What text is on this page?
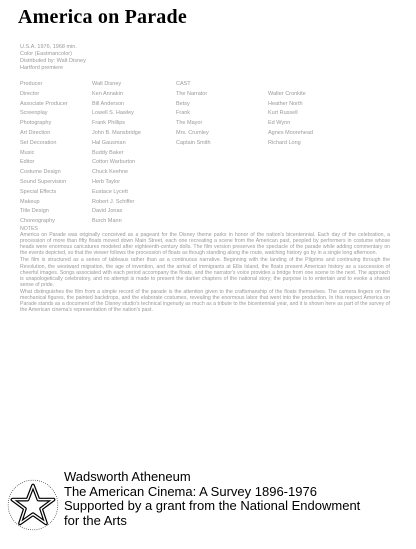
America on Parade
U.S.A. 1976, 1968 min.
Color (Eastmancolor)
Distributed by: Walt Disney
Hartford premiere
Producer	Walt Disney
Director	Ken Annakin
Associate Producer	Bill Anderson
Screenplay	Lowell S. Hawley
Photography	Frank Phillips
Art Direction	John B. Mansbridge
Set Decoration	Hal Gausman
Music	Buddy Baker
Editor	Cotton Warburton
Costume Design	Chuck Keehne
Sound Supervision	Herb Taylor
Special Effects	Eustace Lycett
Makeup	Robert J. Schiffer
Title Design	David Jonas
Choreography	Burch Mann
CAST
The Narrator	Walter Cronkite
Betsy	Heather North
Frank	Kurt Russell
The Mayor	Ed Wynn
Mrs. Crumley	Agnes Moorehead
Captain Smith	Richard Long
NOTES

America on Parade was originally conceived as a pageant for the Disney theme parks in honor of the nation's bicentennial. Each day of the celebration, a procession of more than fifty floats moved down Main Street, each one recreating a scene from the American past, peopled by performers in costume whose heads were enormous caricatures modeled after eighteenth-century dolls. The film version preserves the spectacle of the parade while adding commentary on the events depicted, so that the viewer follows the procession of floats as though standing along the route, watching history go by in a single long afternoon.

The film is structured as a series of tableaux rather than as a continuous narrative. Beginning with the landing of the Pilgrims and continuing through the Revolution, the westward migration, the age of invention, and the arrival of immigrants at Ellis Island, the floats present American history as a succession of cheerful images. Songs associated with each period accompany the floats, and the narrator's voice provides a bridge from one scene to the next. The approach is unapologetically celebratory, and no attempt is made to present the darker chapters of the national story; the purpose is to entertain and to evoke a shared sense of pride.

What distinguishes the film from a simple record of the parade is the attention given to the craftsmanship of the floats themselves. The camera lingers on the mechanical figures, the painted backdrops, and the elaborate costumes, revealing the enormous labor that went into the production. In this respect America on Parade stands as a document of the Disney studio's technical ingenuity as much as a tribute to the bicentennial year, and it is shown here as part of the survey of the American cinema's representation of the nation's past.

Wadsworth Atheneum
The American Cinema: A Survey 1896-1976
Supported by a grant from the National Endowment
for the Arts
